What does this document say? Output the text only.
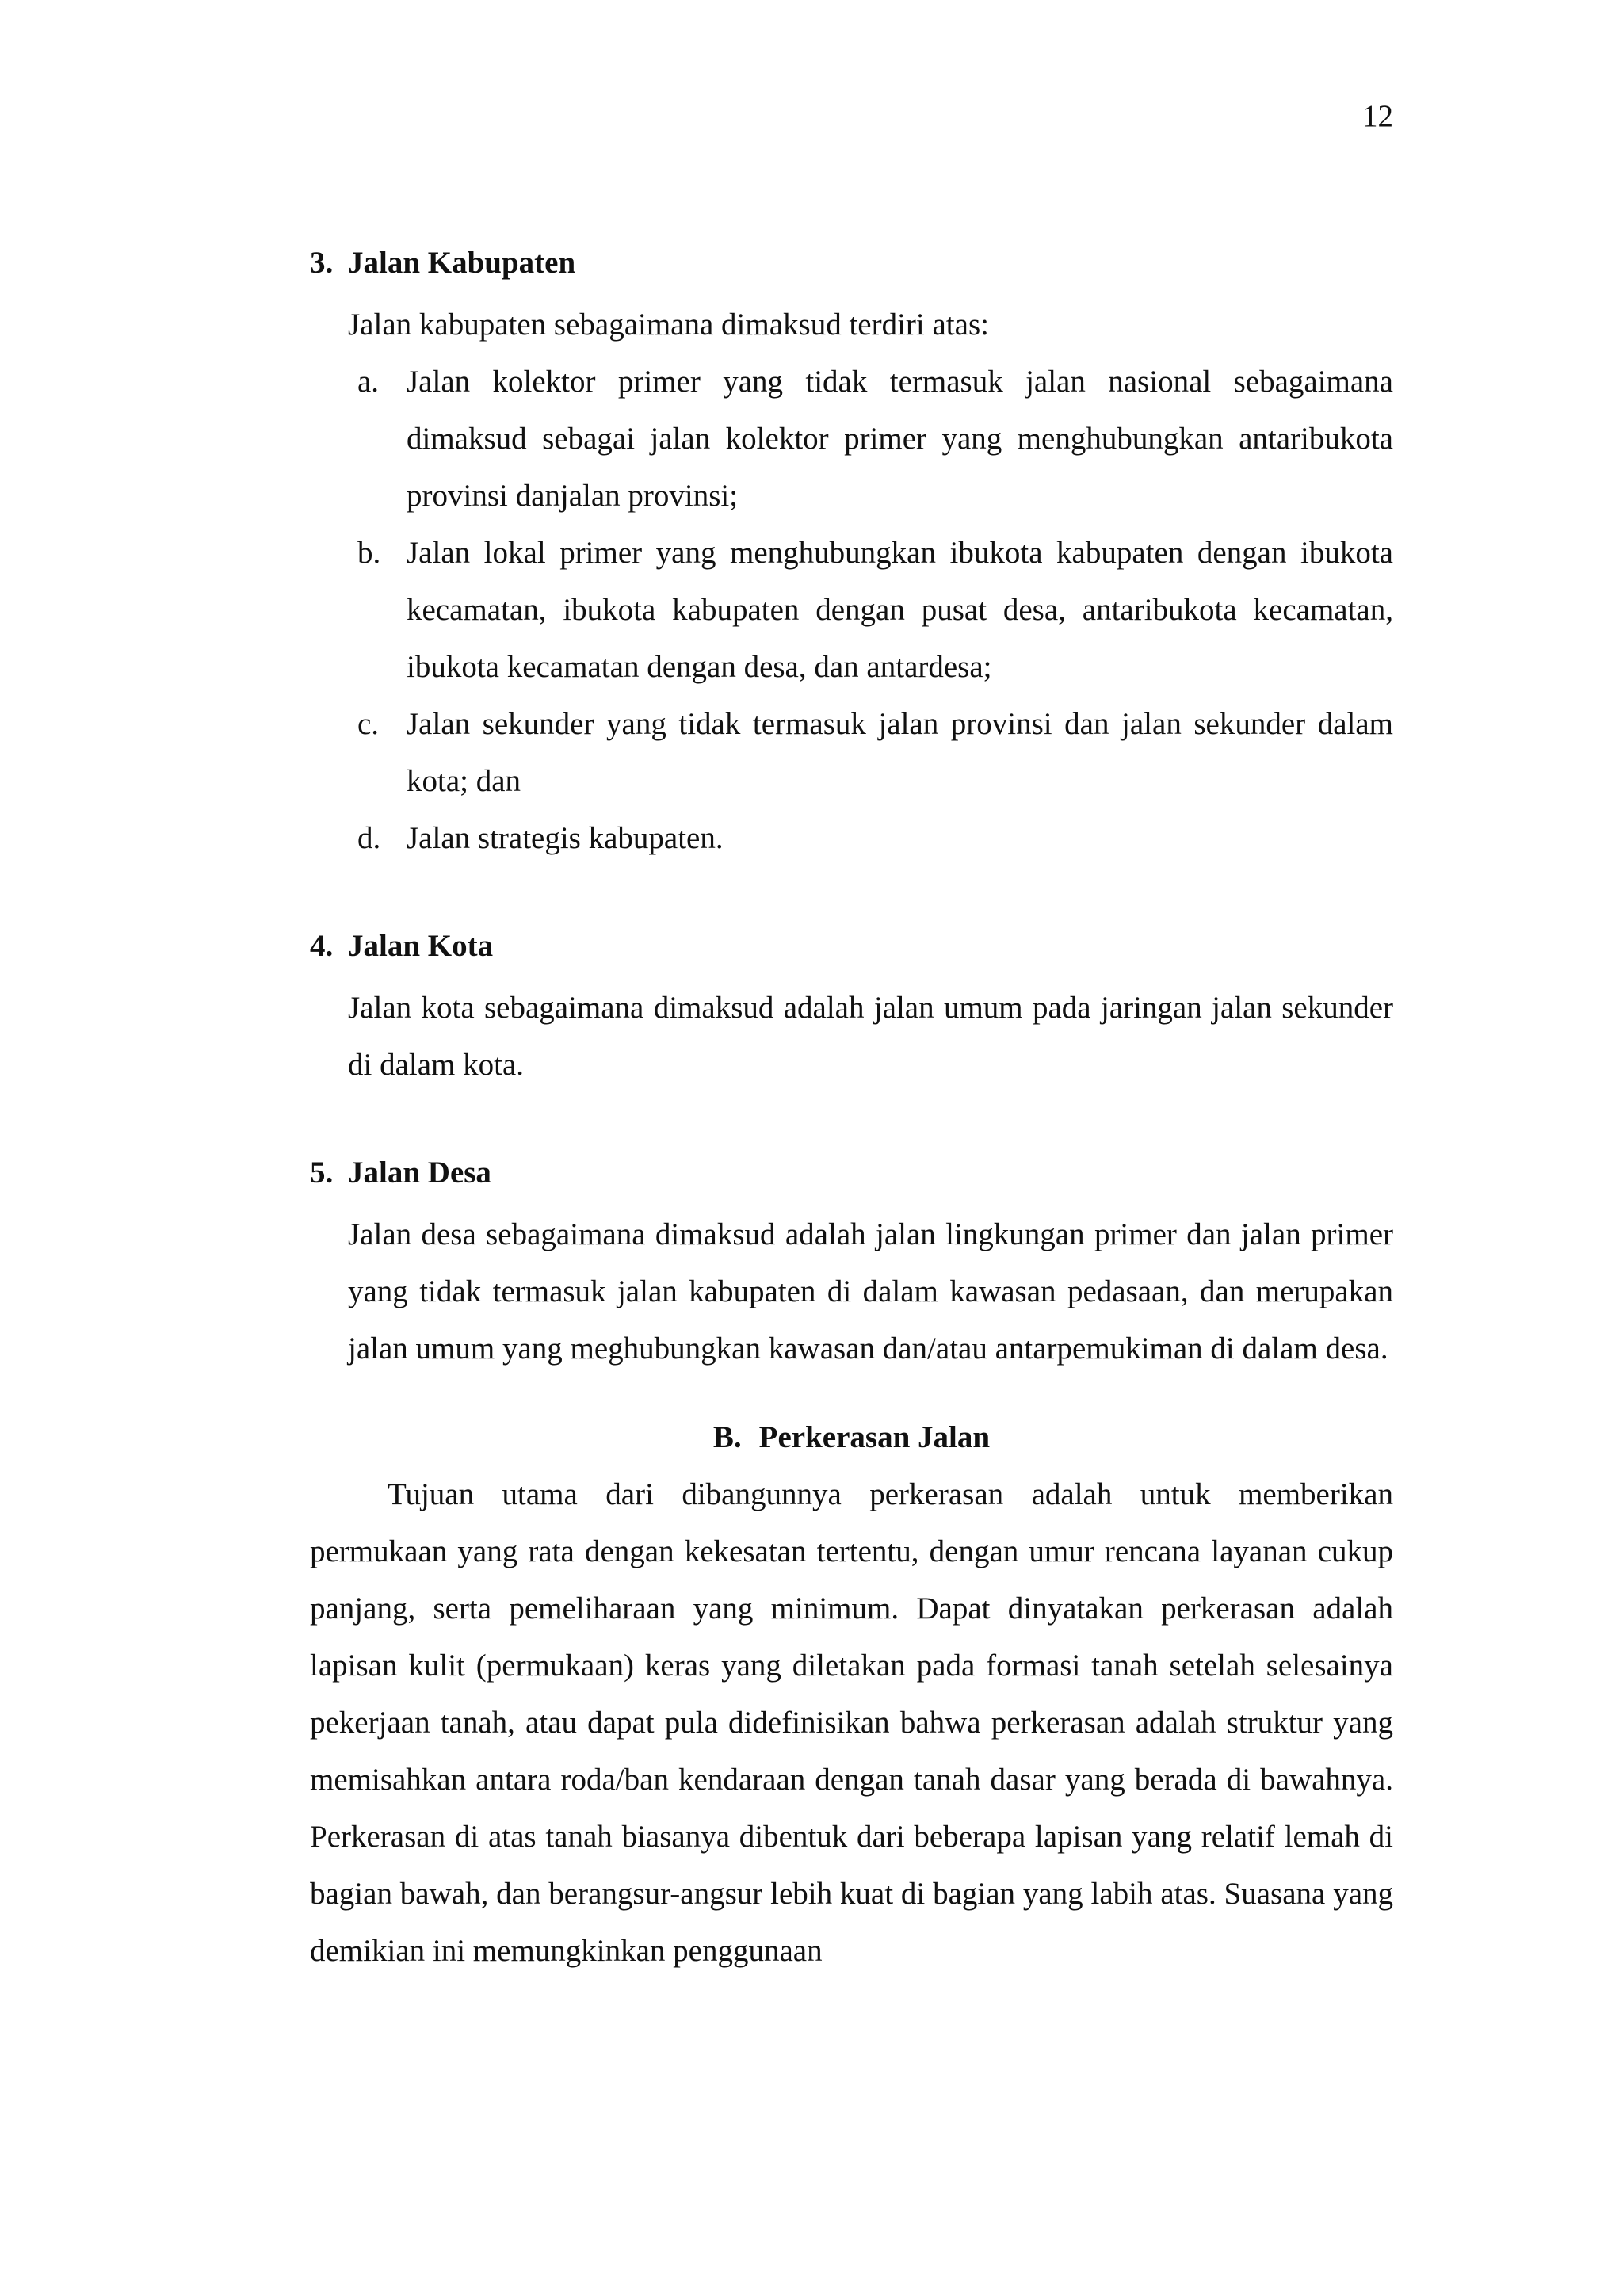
12
3. Jalan Kabupaten
Jalan kabupaten sebagaimana dimaksud terdiri atas:
a. Jalan kolektor primer yang tidak termasuk jalan nasional sebagaimana dimaksud sebagai jalan kolektor primer yang menghubungkan antaribukota provinsi danjalan provinsi;
b. Jalan lokal primer yang menghubungkan ibukota kabupaten dengan ibukota kecamatan, ibukota kabupaten dengan pusat desa, antaribukota kecamatan, ibukota kecamatan dengan desa, dan antardesa;
c. Jalan sekunder yang tidak termasuk jalan provinsi dan jalan sekunder dalam kota; dan
d. Jalan strategis kabupaten.
4. Jalan Kota
Jalan kota sebagaimana dimaksud adalah jalan umum pada jaringan jalan sekunder di dalam kota.
5. Jalan Desa
Jalan desa sebagaimana dimaksud adalah jalan lingkungan primer dan jalan primer yang tidak termasuk jalan kabupaten di dalam kawasan pedasaan, dan merupakan jalan umum yang meghubungkan kawasan dan/atau antarpemukiman di dalam desa.
B. Perkerasan Jalan
Tujuan utama dari dibangunnya perkerasan adalah untuk memberikan permukaan yang rata dengan kekesatan tertentu, dengan umur rencana layanan cukup panjang, serta pemeliharaan yang minimum. Dapat dinyatakan perkerasan adalah lapisan kulit (permukaan) keras yang diletakan pada formasi tanah setelah selesainya pekerjaan tanah, atau dapat pula didefinisikan bahwa perkerasan adalah struktur yang memisahkan antara roda/ban kendaraan dengan tanah dasar yang berada di bawahnya. Perkerasan di atas tanah biasanya dibentuk dari beberapa lapisan yang relatif lemah di bagian bawah, dan berangsur-angsur lebih kuat di bagian yang labih atas. Suasana yang demikian ini memungkinkan penggunaan
